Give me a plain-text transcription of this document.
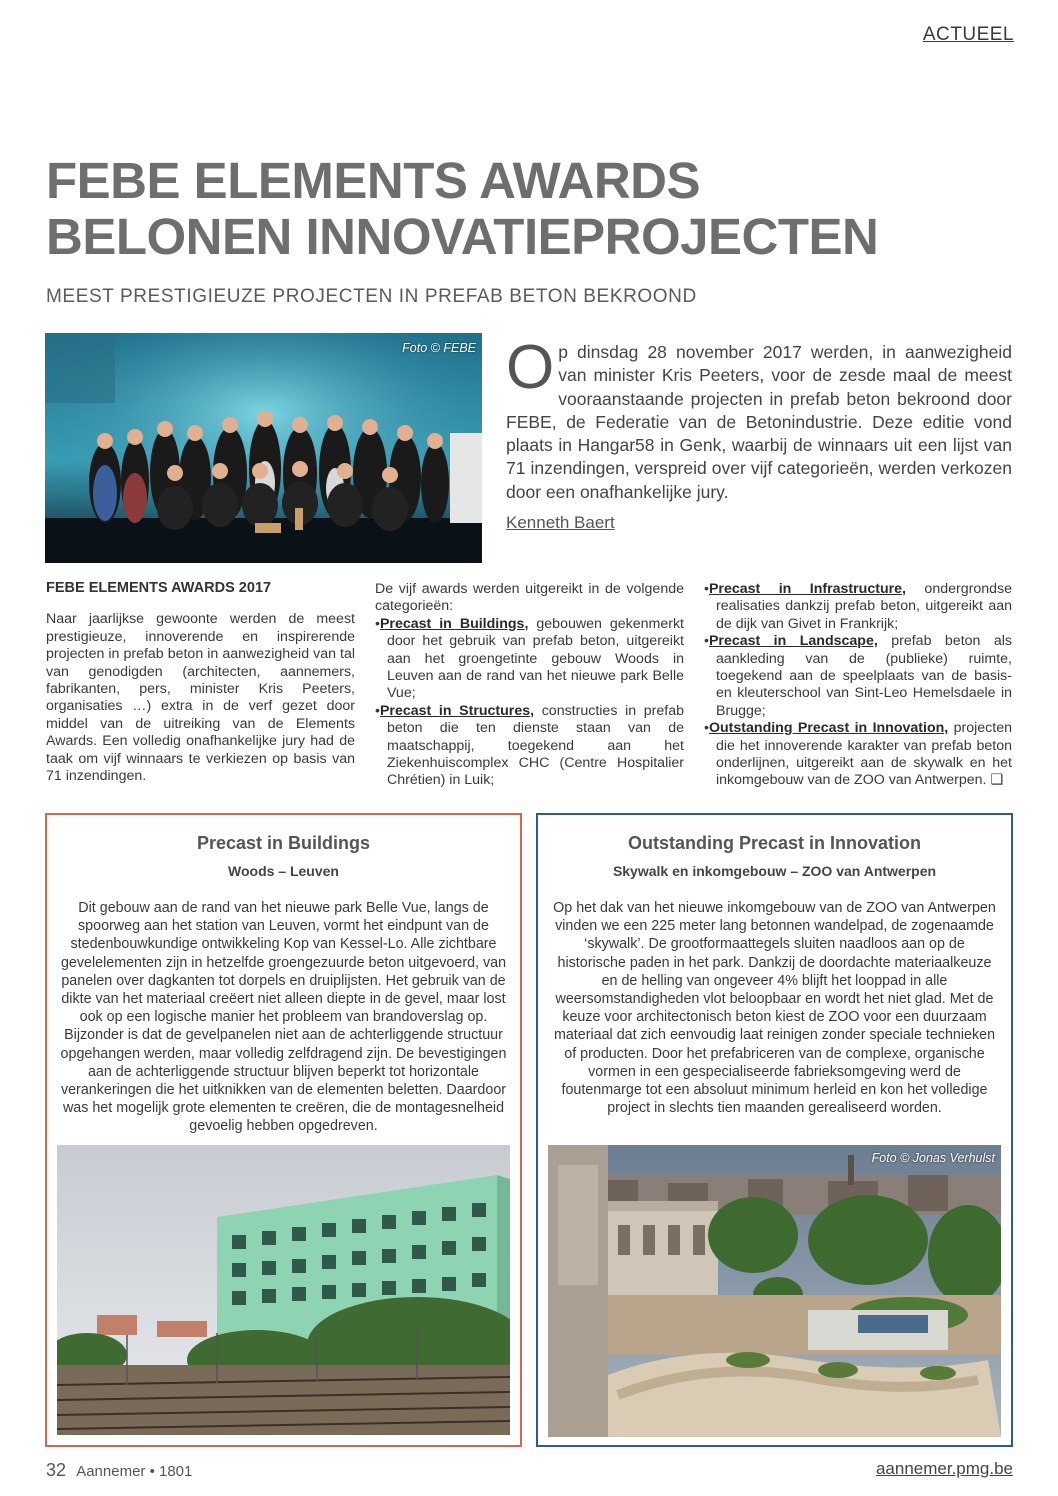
ACTUEEL
FEBE ELEMENTS AWARDS
BELONEN INNOVATIEPROJECTEN
MEEST PRESTIGIEUZE PROJECTEN IN PREFAB BETON BEKROOND
Foto © FEBE Op dinsdag 28 november 2017 werden, in aanwezigheid van minister Kris Peeters, voor de zesde maal de meest vooraanstaande projecten in prefab beton bekroond door FEBE, de Federatie van de Betonindustrie. Deze editie vond plaats in Hangar58 in Genk, waarbij de winnaars uit een lijst van 71 inzendingen, verspreid over vijf categorieën, werden verkozen door een onafhankelijke jury.
Kenneth Baert
FEBE ELEMENTS AWARDS 2017

Naar jaarlijkse gewoonte werden de meest prestigieuze, innoverende en inspirerende projecten in prefab beton in aanwezigheid van tal van genodigden (architecten, aannemers, fabrikanten, pers, minister Kris Peeters, organisaties …) extra in de verf gezet door middel van de uitreiking van de Elements Awards. Een volledig onafhankelijke jury had de taak om vijf winnaars te verkiezen op basis van 71 inzendingen.

De vijf awards werden uitgereikt in de volgende categorieën:

•Precast in Buildings, gebouwen gekenmerkt door het gebruik van prefab beton, uitgereikt aan het groengetinte gebouw Woods in Leuven aan de rand van het nieuwe park Belle Vue;

•Precast in Structures, constructies in prefab beton die ten dienste staan van de maatschappij, toegekend aan het Ziekenhuiscomplex CHC (Centre Hospitalier Chrétien) in Luik;

•Precast in Infrastructure, ondergrondse realisaties dankzij prefab beton, uitgereikt aan de dijk van Givet in Frankrijk;

•Precast in Landscape, prefab beton als aankleding van de (publieke) ruimte, toegekend aan de speelplaats van de basis- en kleuterschool van Sint-Leo Hemelsdaele in Brugge;

•Outstanding Precast in Innovation, projecten die het innoverende karakter van prefab beton onderlijnen, uitgereikt aan de skywalk en het inkomgebouw van de ZOO van Antwerpen. ❑

Precast in Buildings
Woods – Leuven
Dit gebouw aan de rand van het nieuwe park Belle Vue, langs de spoorweg aan het station van Leuven, vormt het eindpunt van de stedenbouwkundige ontwikkeling Kop van Kessel-Lo. Alle zichtbare gevelelementen zijn in hetzelfde groengezuurde beton uitgevoerd, van panelen over dagkanten tot dorpels en druiplijsten. Het gebruik van de dikte van het materiaal creëert niet alleen diepte in de gevel, maar lost ook op een logische manier het probleem van brandoverslag op. Bijzonder is dat de gevelpanelen niet aan de achterliggende structuur opgehangen werden, maar volledig zelfdragend zijn. De bevestigingen aan de achterliggende structuur blijven beperkt tot horizontale verankeringen die het uitknikken van de elementen beletten. Daardoor was het mogelijk grote elementen te creëren, die de montagesnelheid gevoelig hebben opgedreven.
Outstanding Precast in Innovation
Skywalk en inkomgebouw – ZOO van Antwerpen
Op het dak van het nieuwe inkomgebouw van de ZOO van Antwerpen vinden we een 225 meter lang betonnen wandelpad, de zogenaamde ‘skywalk’. De grootformaattegels sluiten naadloos aan op de historische paden in het park. Dankzij de doordachte materiaalkeuze en de helling van ongeveer 4% blijft het looppad in alle weersomstandigheden vlot beloopbaar en wordt het niet glad. Met de keuze voor architectonisch beton kiest de ZOO voor een duurzaam materiaal dat zich eenvoudig laat reinigen zonder speciale technieken of producten. Door het prefabriceren van de complexe, organische vormen in een gespecialiseerde fabrieksomgeving werd de foutenmarge tot een absoluut minimum herleid en kon het volledige project in slechts tien maanden gerealiseerd worden.
Foto © Jonas Verhulst
32 Aannemer • 1801	aannemer.pmg.be
